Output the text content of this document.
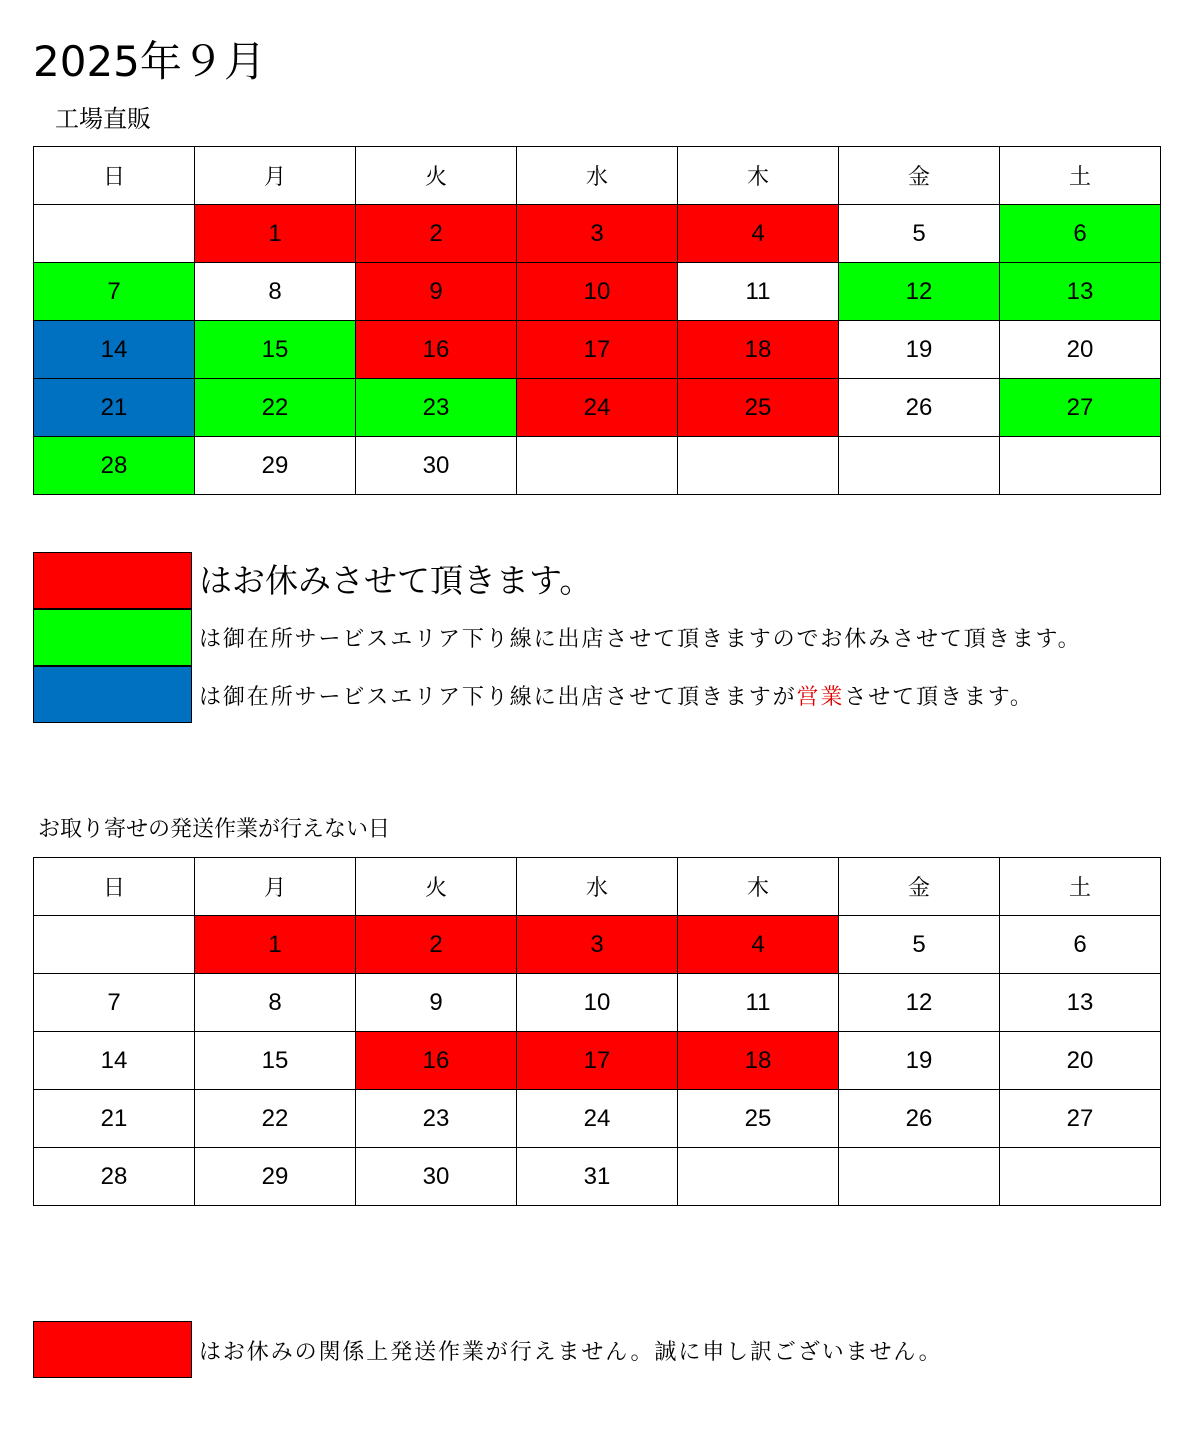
2025年９月
工場直販
日	月	火	水	木	金	土
	1	2	3	4	5	6
7	8	9	10	11	12	13
14	15	16	17	18	19	20
21	22	23	24	25	26	27
28	29	30				
はお休みさせて頂きます。
は御在所サービスエリア下り線に出店させて頂きますのでお休みさせて頂きます。
は御在所サービスエリア下り線に出店させて頂きますが営業させて頂きます。
お取り寄せの発送作業が行えない日
日	月	火	水	木	金	土
	1	2	3	4	5	6
7	8	9	10	11	12	13
14	15	16	17	18	19	20
21	22	23	24	25	26	27
28	29	30	31			
はお休みの関係上発送作業が行えません。誠に申し訳ございません。
